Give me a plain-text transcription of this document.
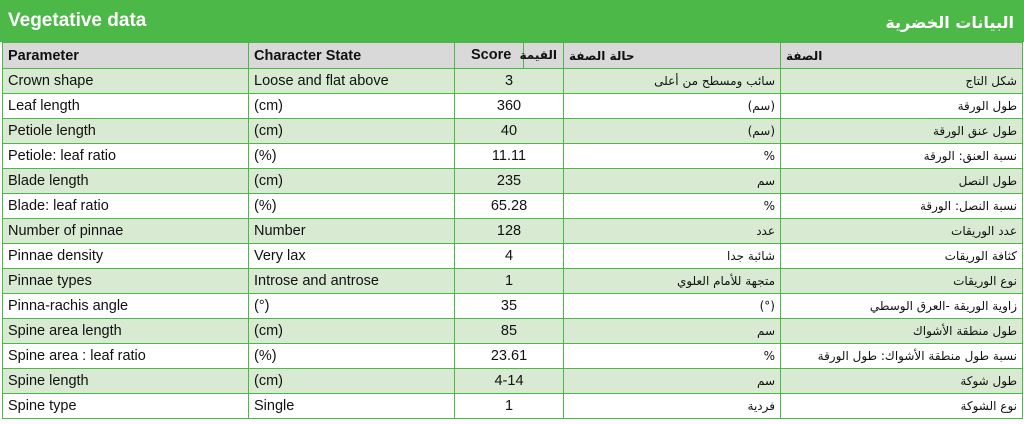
Vegetative data	البيانات الخضرية
Parameter	Character State	Score القيمة	حالة الصفة	الصفة
Crown shape	Loose and flat above	3	سائب ومسطح من أعلى	شكل التاج
Leaf length	(cm)	360	(سم)	طول الورقة
Petiole length	(cm)	40	(سم)	طول عنق الورقة
Petiole: leaf ratio	(%)	11.11	%	نسبة العنق: الورقة
Blade length	(cm)	235	سم	طول النصل
Blade: leaf ratio	(%)	65.28	%	نسبة النصل: الورقة
Number of pinnae	Number	128	عدد	عدد الوريقات
Pinnae density	Very lax	4	شائبة جدا	كثافة الوريقات
Pinnae types	Introse and antrose	1	متجهة للأمام العلوي	نوع الوريقات
Pinna-rachis angle	(°)	35	(°)	زاوية الوريقة -العرق الوسطي
Spine area length	(cm)	85	سم	طول منطقة الأشواك
Spine area : leaf ratio	(%)	23.61	%	نسبة طول منطقة الأشواك: طول الورقة
Spine length	(cm)	4-14	سم	طول شوكة
Spine type	Single	1	فردية	نوع الشوكة
